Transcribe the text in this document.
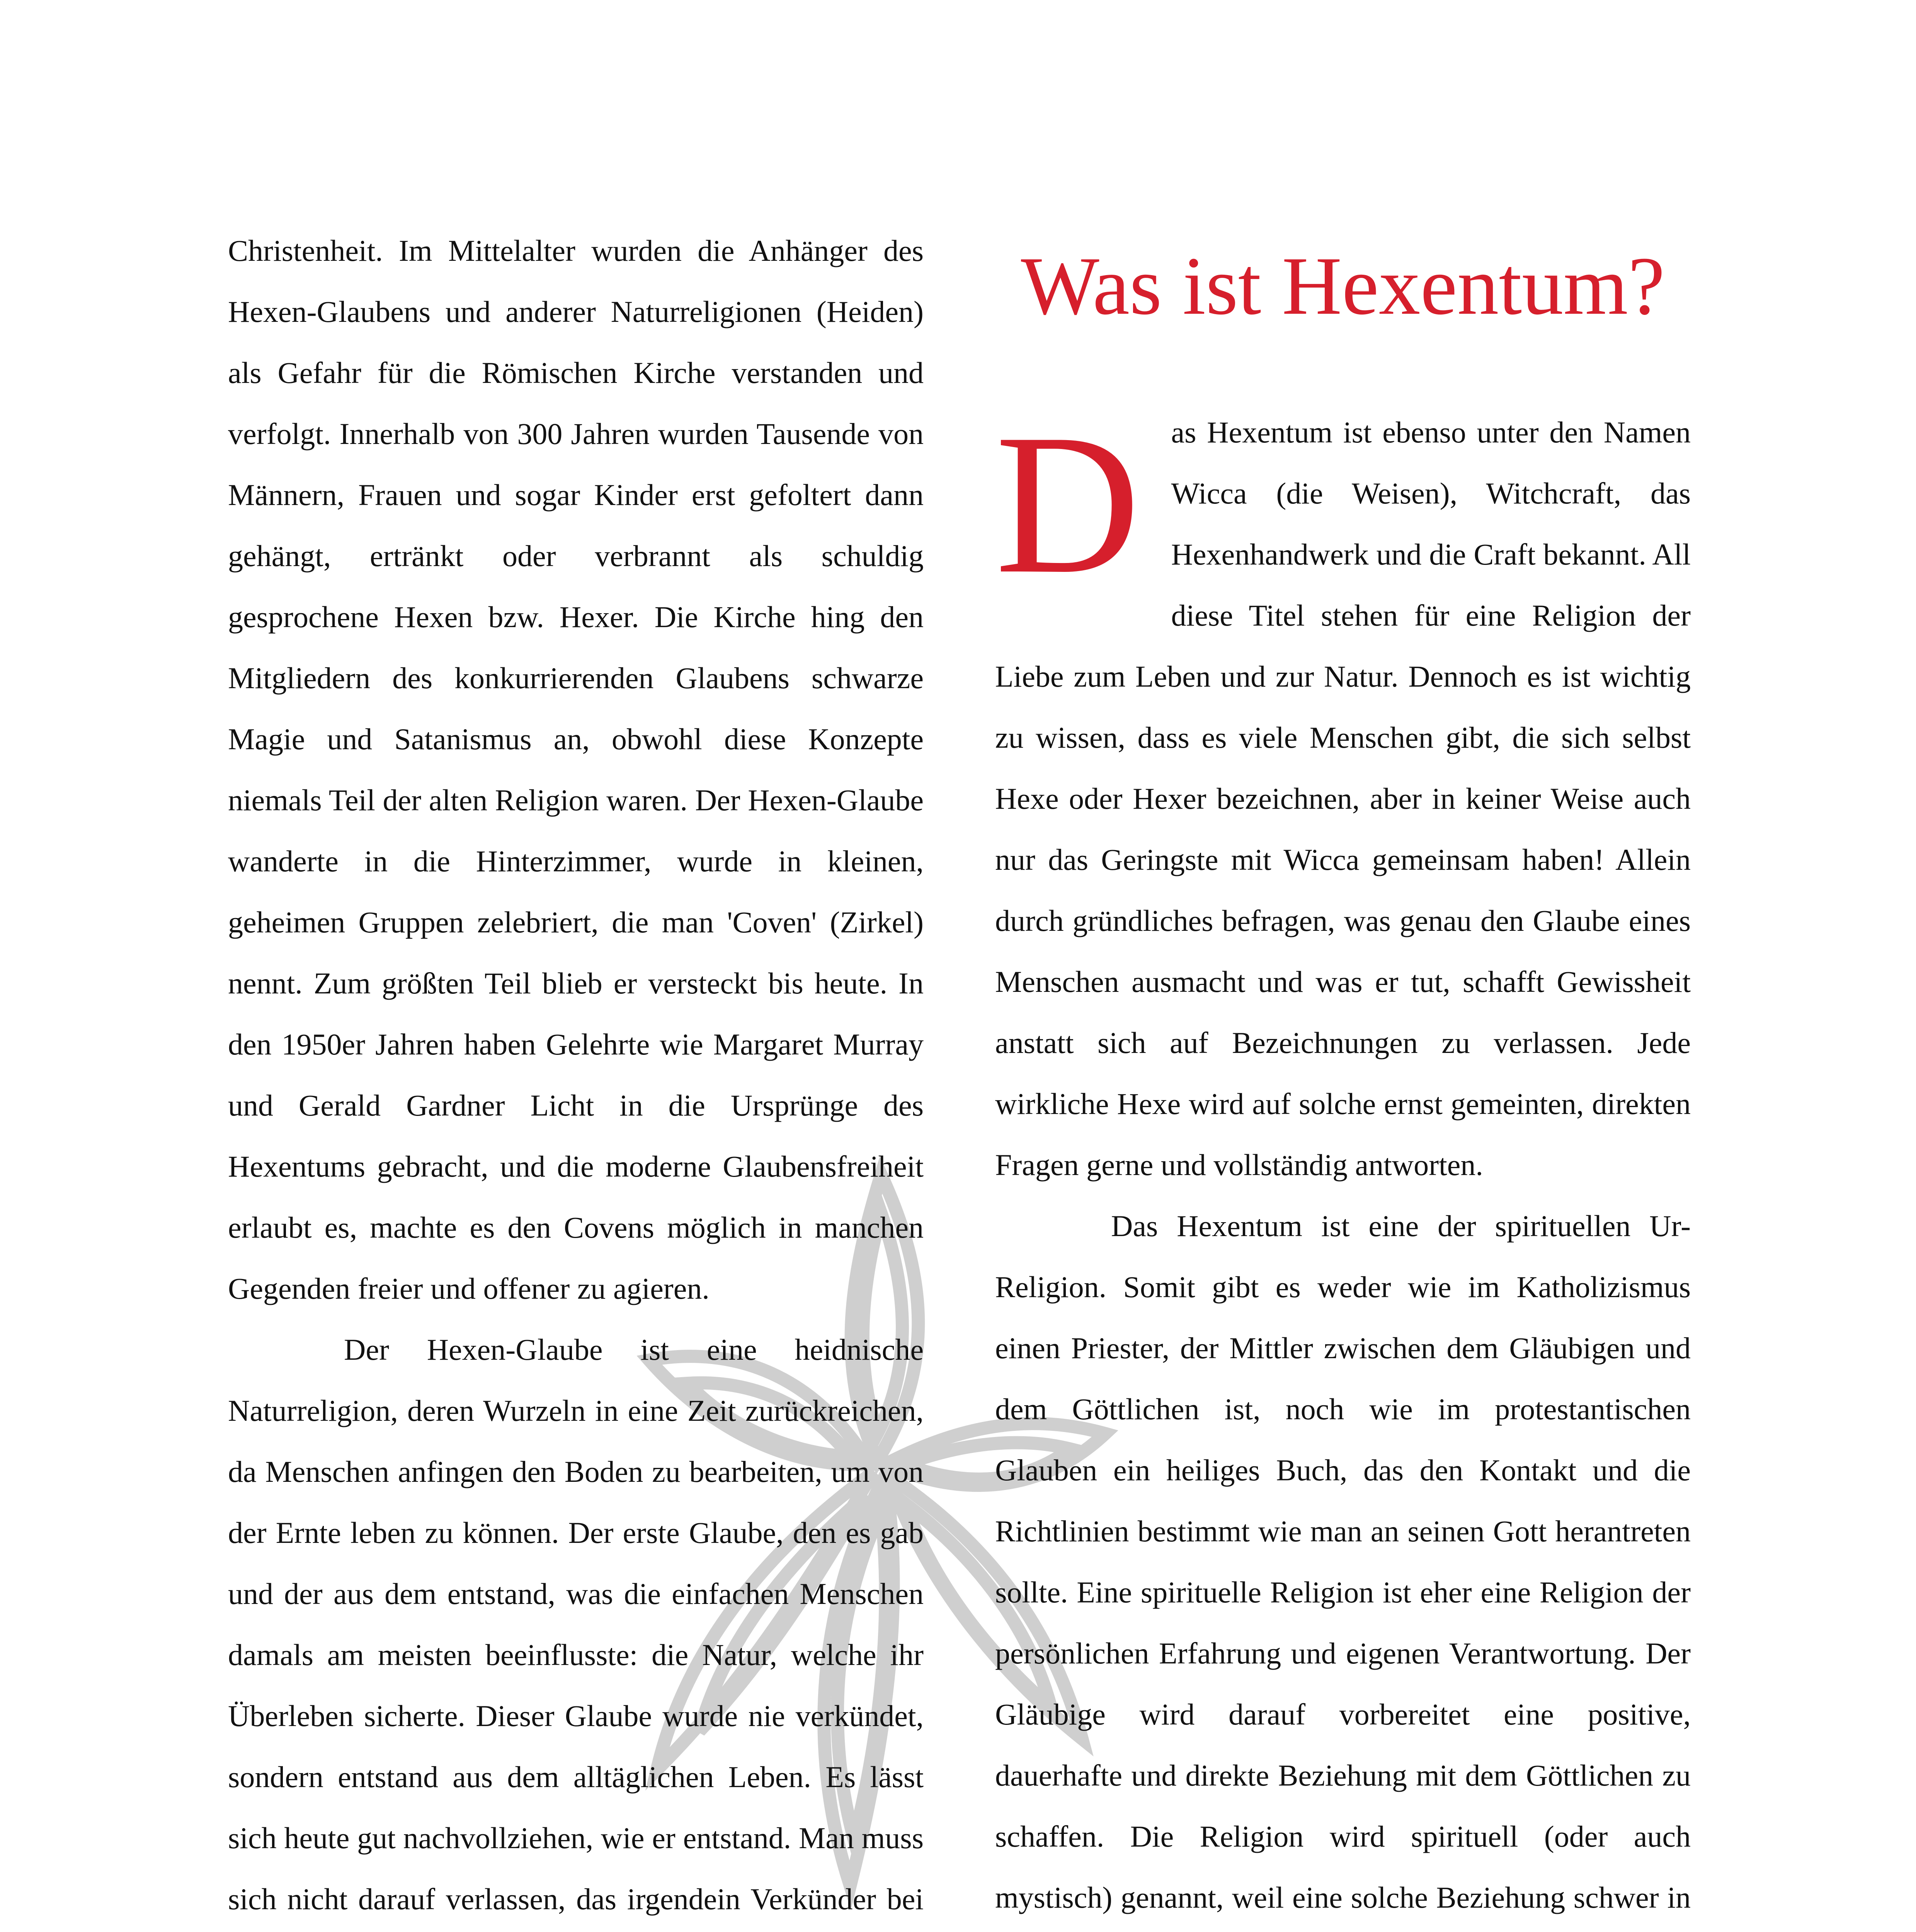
Christenheit. Im Mittelalter wurden die Anhänger des Hexen-Glaubens und anderer Naturreligionen (Heiden) als Gefahr für die Römischen Kirche verstanden und verfolgt. Innerhalb von 300 Jahren wurden Tausende von Männern, Frauen und sogar Kinder erst gefoltert dann gehängt, ertränkt oder verbrannt als schuldig gesprochene Hexen bzw. Hexer. Die Kirche hing den Mitgliedern des konkurrierenden Glaubens schwarze Magie und Satanismus an, obwohl diese Konzepte niemals Teil der alten Religion waren. Der Hexen-Glaube wanderte in die Hinterzimmer, wurde in kleinen, geheimen Gruppen zelebriert, die man 'Coven' (Zirkel) nennt. Zum größten Teil blieb er versteckt bis heute. In den 1950er Jahren haben Gelehrte wie Margaret Murray und Gerald Gardner Licht in die Ursprünge des Hexentums gebracht, und die moderne Glaubensfreiheit erlaubt es, machte es den Covens möglich in manchen Gegenden freier und offener zu agieren.

Der Hexen-Glaube ist eine heidnische Naturreligion, deren Wurzeln in eine Zeit zurückreichen, da Menschen anfingen den Boden zu bearbeiten, um von der Ernte leben zu können. Der erste Glaube, den es gab und der aus dem entstand, was die einfachen Menschen damals am meisten beeinflusste: die Natur, welche ihr Überleben sicherte. Dieser Glaube wurde nie verkündet, sondern entstand aus dem alltäglichen Leben. Es lässt sich heute gut nachvollziehen, wie er entstand. Man muss sich nicht darauf verlassen, das irgendein Verkünder bei

Was ist Hexentum?

D as Hexentum ist ebenso unter den Namen Wicca (die Weisen), Witchcraft, das Hexenhandwerk und die Craft bekannt. All diese Titel stehen für eine Religion der Liebe zum Leben und zur Natur. Dennoch es ist wichtig zu wissen, dass es viele Menschen gibt, die sich selbst Hexe oder Hexer bezeichnen, aber in keiner Weise auch nur das Geringste mit Wicca gemeinsam haben! Allein durch gründliches befragen, was genau den Glaube eines Menschen ausmacht und was er tut, schafft Gewissheit anstatt sich auf Bezeichnungen zu verlassen. Jede wirkliche Hexe wird auf solche ernst gemeinten, direkten Fragen gerne und vollständig antworten.

Das Hexentum ist eine der spirituellen Ur-Religion. Somit gibt es weder wie im Katholizismus einen Priester, der Mittler zwischen dem Gläubigen und dem Göttlichen ist, noch wie im protestantischen Glauben ein heiliges Buch, das den Kontakt und die Richtlinien bestimmt wie man an seinen Gott herantreten sollte. Eine spirituelle Religion ist eher eine Religion der persönlichen Erfahrung und eigenen Verantwortung. Der Gläubige wird darauf vorbereitet eine positive, dauerhafte und direkte Beziehung mit dem Göttlichen zu schaffen. Die Religion wird spirituell (oder auch mystisch) genannt, weil eine solche Beziehung schwer in
